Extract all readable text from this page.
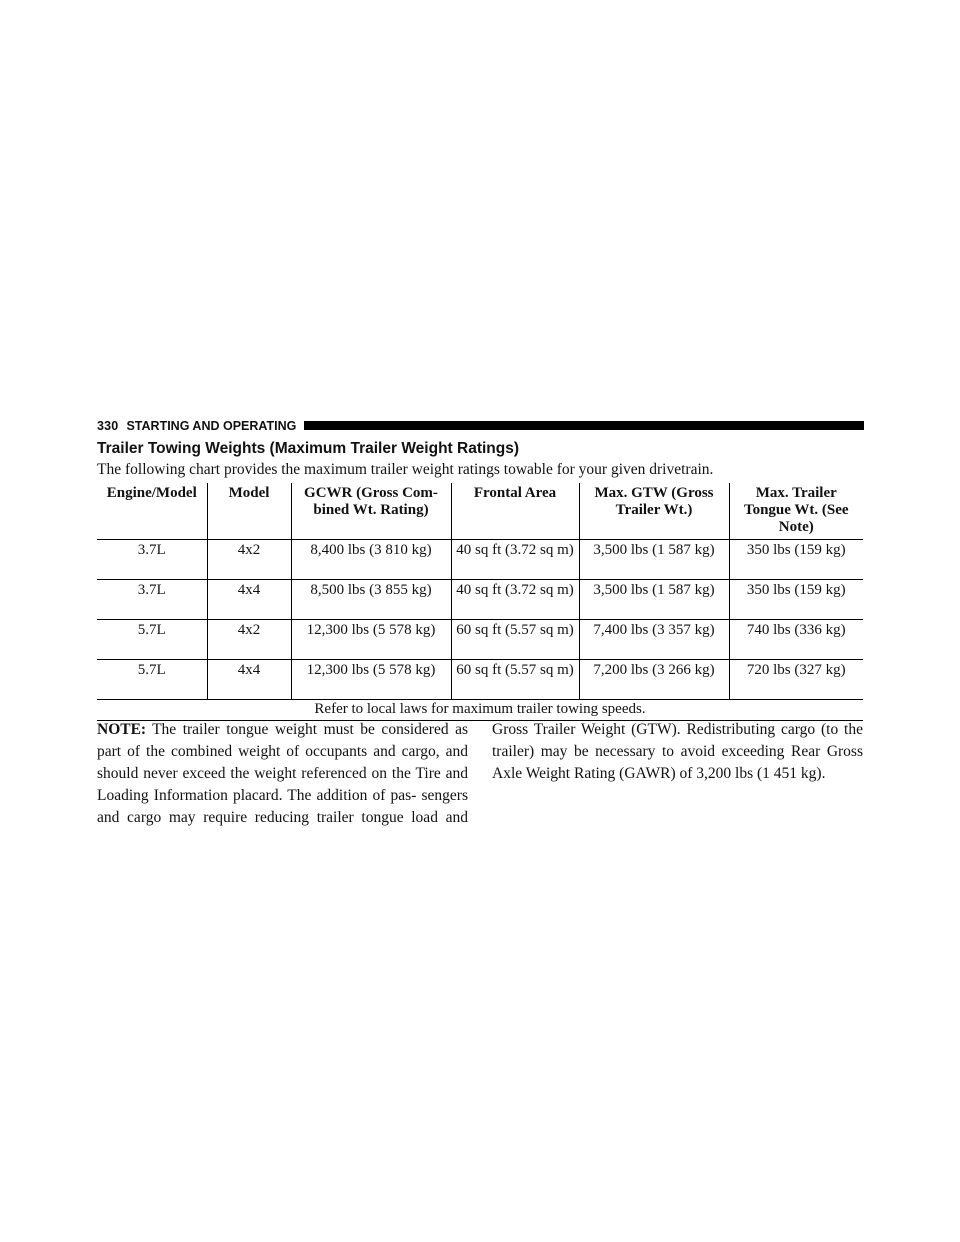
330 STARTING AND OPERATING
Trailer Towing Weights (Maximum Trailer Weight Ratings)
The following chart provides the maximum trailer weight ratings towable for your given drivetrain.
Engine/Model	Model	GCWR (Gross Com- bined Wt. Rating)	Frontal Area	Max. GTW (Gross Trailer Wt.)	Max. Trailer Tongue Wt. (See Note)
3.7L	4x2	8,400 lbs (3 810 kg)	40 sq ft (3.72 sq m)	3,500 lbs (1 587 kg)	350 lbs (159 kg)
3.7L	4x4	8,500 lbs (3 855 kg)	40 sq ft (3.72 sq m)	3,500 lbs (1 587 kg)	350 lbs (159 kg)
5.7L	4x2	12,300 lbs (5 578 kg)	60 sq ft (5.57 sq m)	7,400 lbs (3 357 kg)	740 lbs (336 kg)
5.7L	4x4	12,300 lbs (5 578 kg)	60 sq ft (5.57 sq m)	7,200 lbs (3 266 kg)	720 lbs (327 kg)
Refer to local laws for maximum trailer towing speeds.					
NOTE: The trailer tongue weight must be considered as part of the combined weight of occupants and cargo, and should never exceed the weight referenced on the Tire and Loading Information placard. The addition of pas- sengers and cargo may require reducing trailer tongue load and Gross Trailer Weight (GTW). Redistributing cargo (to the trailer) may be necessary to avoid exceeding Rear Gross Axle Weight Rating (GAWR) of 3,200 lbs (1 451 kg).
